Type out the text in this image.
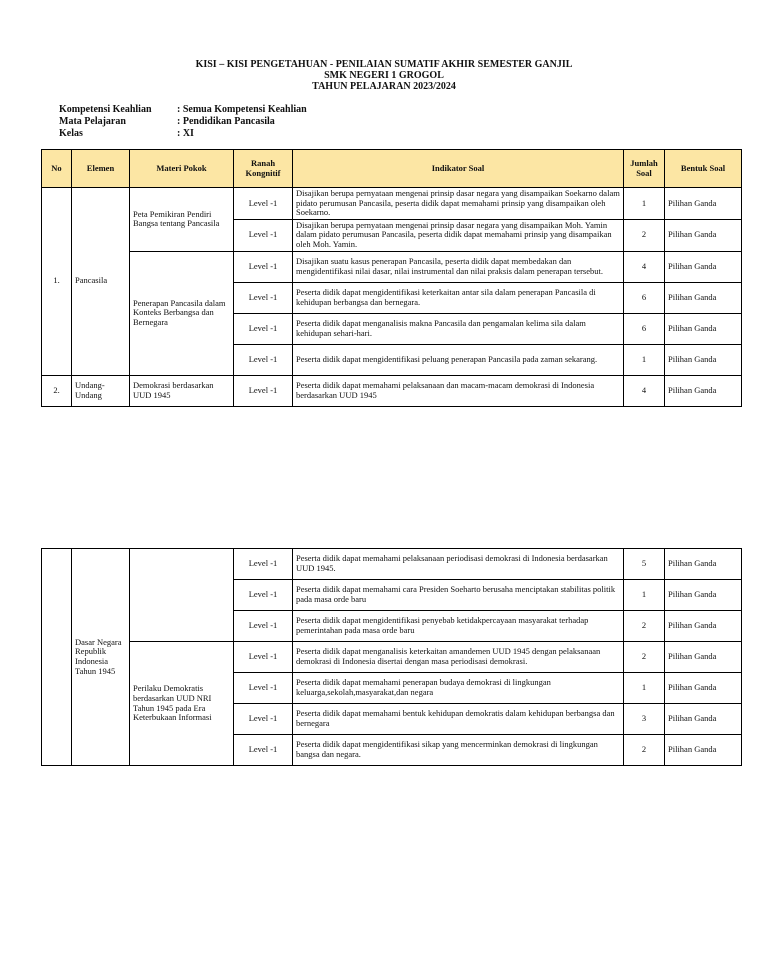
KISI – KISI PENGETAHUAN - PENILAIAN SUMATIF AKHIR SEMESTER GANJIL
SMK NEGERI 1 GROGOL
TAHUN PELAJARAN 2023/2024
Kompetensi Keahlian	: Semua Kompetensi Keahlian
Mata Pelajaran	: Pendidikan Pancasila
Kelas	: XI
No	Elemen	Materi Pokok	Ranah Kongnitif	Indikator Soal	Jumlah Soal	Bentuk Soal
1.	Pancasila	Peta Pemikiran Pendiri Bangsa tentang Pancasila	Level -1	Disajikan berupa pernyataan mengenai prinsip dasar negara yang disampaikan Soekarno dalam pidato perumusan Pancasila, peserta didik dapat memahami prinsip yang disampaikan oleh Soekarno.	1	Pilihan Ganda
			Level -1	Disajikan berupa pernyataan mengenai prinsip dasar negara yang disampaikan Moh. Yamin dalam pidato perumusan Pancasila, peserta didik dapat memahami prinsip yang disampaikan oleh Moh. Yamin.	2	Pilihan Ganda
		Penerapan Pancasila dalam Konteks Berbangsa dan Bernegara	Level -1	Disajikan suatu kasus penerapan Pancasila, peserta didik dapat membedakan dan mengidentifikasi nilai dasar, nilai instrumental dan nilai praksis dalam penerapan tersebut.	4	Pilihan Ganda
			Level -1	Peserta didik dapat mengidentifikasi keterkaitan antar sila dalam penerapan Pancasila di kehidupan berbangsa dan bernegara.	6	Pilihan Ganda
			Level -1	Peserta didik dapat menganalisis makna Pancasila dan pengamalan kelima sila dalam kehidupan sehari-hari.	6	Pilihan Ganda
			Level -1	Peserta didik dapat mengidentifikasi peluang penerapan Pancasila pada zaman sekarang.	1	Pilihan Ganda
2.	Undang-Undang	Demokrasi berdasarkan UUD 1945	Level -1	Peserta didik dapat memahami pelaksanaan dan macam-macam demokrasi di Indonesia berdasarkan UUD 1945	4	Pilihan Ganda
	Dasar Negara Republik Indonesia Tahun 1945		Level -1	Peserta didik dapat memahami pelaksanaan periodisasi demokrasi di Indonesia berdasarkan UUD 1945.	5	Pilihan Ganda
			Level -1	Peserta didik dapat memahami cara Presiden Soeharto berusaha menciptakan stabilitas politik pada masa orde baru	1	Pilihan Ganda
			Level -1	Peserta didik dapat mengidentifikasi penyebab ketidakpercayaan masyarakat terhadap pemerintahan pada masa orde baru	2	Pilihan Ganda
		Perilaku Demokratis berdasarkan UUD NRI Tahun 1945 pada Era Keterbukaan Informasi	Level -1	Peserta didik dapat menganalisis keterkaitan amandemen UUD 1945 dengan pelaksanaan demokrasi di Indonesia disertai dengan masa periodisasi demokrasi.	2	Pilihan Ganda
			Level -1	Peserta didik dapat memahami penerapan budaya demokrasi di lingkungan keluarga,sekolah,masyarakat,dan negara	1	Pilihan Ganda
			Level -1	Peserta didik dapat memahami bentuk kehidupan demokratis dalam kehidupan berbangsa dan bernegara	3	Pilihan Ganda
			Level -1	Peserta didik dapat mengidentifikasi sikap yang mencerminkan demokrasi di lingkungan bangsa dan negara.	2	Pilihan Ganda
